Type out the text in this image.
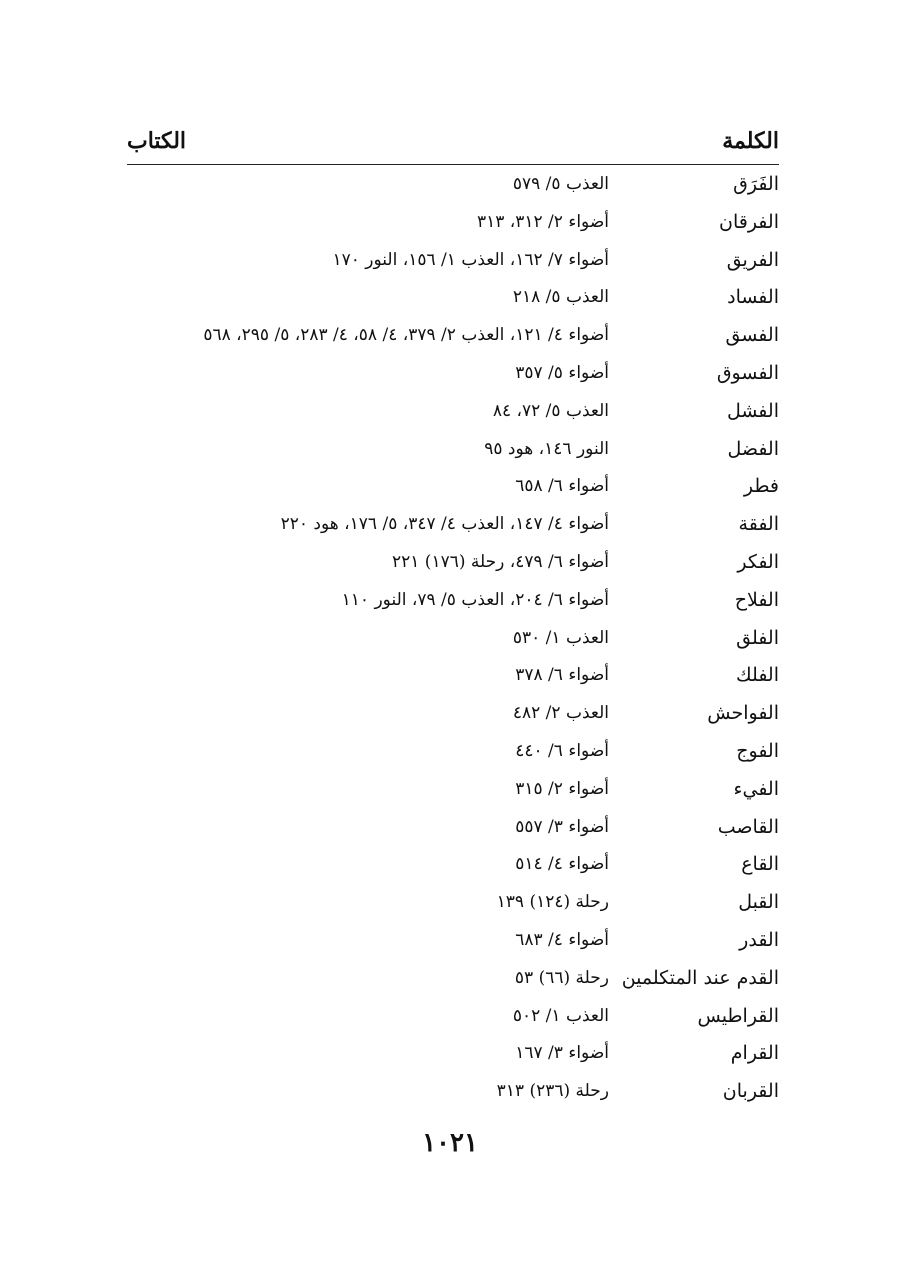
الكلمة
الكتاب
الفَرَق
العذب ٥/ ٥٧٩
الفرقان
أضواء ٢/ ٣١٢، ٣١٣
الفريق
أضواء ٧/ ١٦٢، العذب ١/ ١٥٦، النور ١٧٠
الفساد
العذب ٥/ ٢١٨
الفسق
أضواء ٤/ ١٢١، العذب ٢/ ٣٧٩، ٤/ ٥٨، ٤/ ٢٨٣، ٥/ ٢٩٥، ٥٦٨
الفسوق
أضواء ٥/ ٣٥٧
الفشل
العذب ٥/ ٧٢، ٨٤
الفضل
النور ١٤٦، هود ٩٥
فطر
أضواء ٦/ ٦٥٨
الفقة
أضواء ٤/ ١٤٧، العذب ٤/ ٣٤٧، ٥/ ١٧٦، هود ٢٢٠
الفكر
أضواء ٦/ ٤٧٩، رحلة (١٧٦) ٢٢١
الفلاح
أضواء ٦/ ٢٠٤، العذب ٥/ ٧٩، النور ١١٠
الفلق
العذب ١/ ٥٣٠
الفلك
أضواء ٦/ ٣٧٨
الفواحش
العذب ٢/ ٤٨٢
الفوج
أضواء ٦/ ٤٤٠
الفيء
أضواء ٢/ ٣١٥
القاصب
أضواء ٣/ ٥٥٧
القاع
أضواء ٤/ ٥١٤
القبل
رحلة (١٢٤) ١٣٩
القدر
أضواء ٤/ ٦٨٣
القدم عند المتكلمين
رحلة (٦٦) ٥٣
القراطيس
العذب ١/ ٥٠٢
القرام
أضواء ٣/ ١٦٧
القربان
رحلة (٢٣٦) ٣١٣
١٠٢١
